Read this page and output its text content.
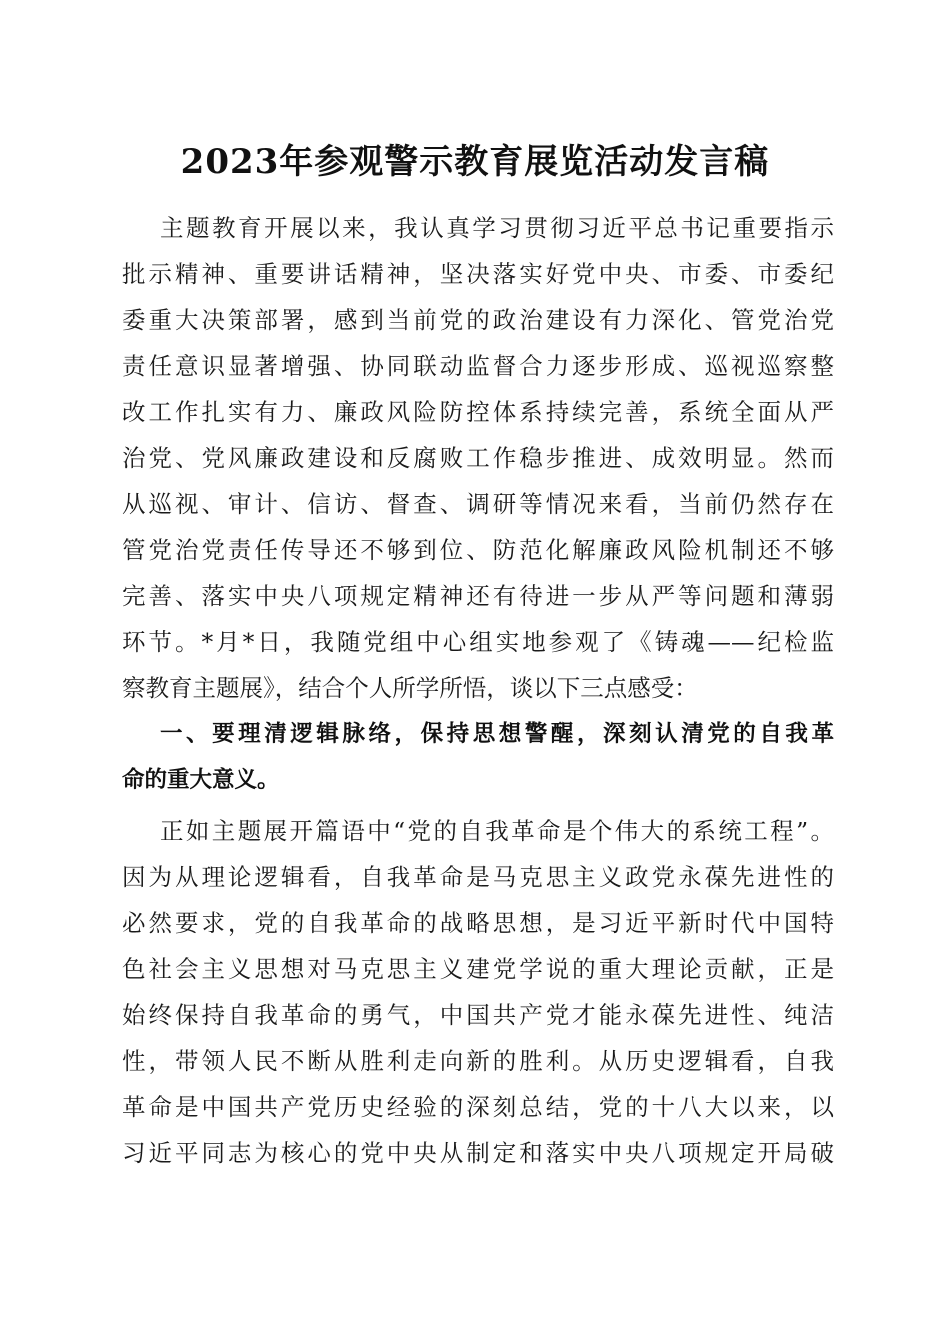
2023年参观警示教育展览活动发言稿
主题教育开展以来，我认真学习贯彻习近平总书记重要指示
批示精神、重要讲话精神，坚决落实好党中央、市委、市委纪
委重大决策部署，感到当前党的政治建设有力深化、管党治党
责任意识显著增强、协同联动监督合力逐步形成、巡视巡察整
改工作扎实有力、廉政风险防控体系持续完善，系统全面从严
治党、党风廉政建设和反腐败工作稳步推进、成效明显。然而
从巡视、审计、信访、督查、调研等情况来看，当前仍然存在
管党治党责任传导还不够到位、防范化解廉政风险机制还不够
完善、落实中央八项规定精神还有待进一步从严等问题和薄弱
环节。*月*日，我随党组中心组实地参观了《铸魂——纪检监
察教育主题展》，结合个人所学所悟，谈以下三点感受：
一、要理清逻辑脉络，保持思想警醒，深刻认清党的自我革
命的重大意义。
正如主题展开篇语中“党的自我革命是个伟大的系统工程”。
因为从理论逻辑看，自我革命是马克思主义政党永葆先进性的
必然要求，党的自我革命的战略思想，是习近平新时代中国特
色社会主义思想对马克思主义建党学说的重大理论贡献，正是
始终保持自我革命的勇气，中国共产党才能永葆先进性、纯洁
性，带领人民不断从胜利走向新的胜利。从历史逻辑看，自我
革命是中国共产党历史经验的深刻总结，党的十八大以来，以
习近平同志为核心的党中央从制定和落实中央八项规定开局破
